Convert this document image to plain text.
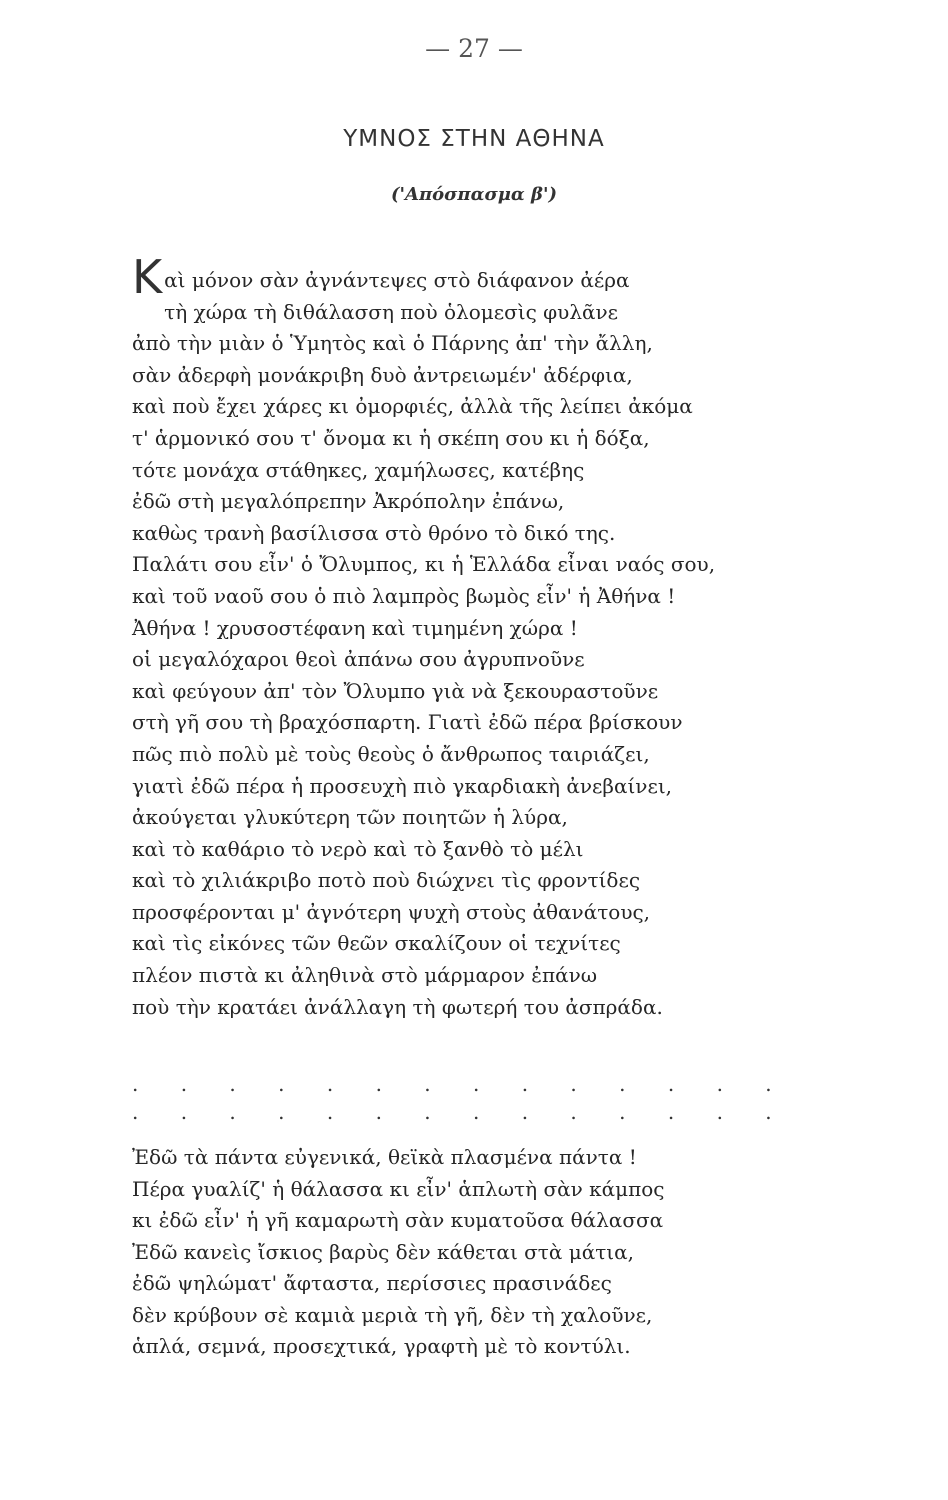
— 27 —
ΥΜΝΟΣ ΣΤΗΝ ΑΘΗΝΑ
('Απόσπασμα β')
Κ αὶ μόνον σὰν ἀγνάντεψες στὸ διάφανον ἀέρα
τὴ χώρα τὴ διθάλασση ποὺ ὁλομεσὶς φυλᾶνε
ἀπὸ τὴν μιὰν ὁ Ὑμητὸς καὶ ὁ Πάρνης ἀπ' τὴν ἄλλη,
σὰν ἀδερφὴ μονάκριβη δυὸ ἀντρειωμέν' ἀδέρφια,
καὶ ποὺ ἔχει χάρες κι ὀμορφιές, ἀλλὰ τῆς λείπει ἀκόμα
τ' ἁρμονικό σου τ' ὄνομα κι ἡ σκέπη σου κι ἡ δόξα,
τότε μονάχα στάθηκες, χαμήλωσες, κατέβης
ἐδῶ στὴ μεγαλόπρεπην Ἀκρόπολην ἐπάνω,
καθὼς τρανὴ βασίλισσα στὸ θρόνο τὸ δικό της.
Παλάτι σου εἶν' ὁ Ὄλυμπος, κι ἡ Ἑλλάδα εἶναι ναός σου,
καὶ τοῦ ναοῦ σου ὁ πιὸ λαμπρὸς βωμὸς εἶν' ἡ Ἀθήνα !
Ἀθήνα ! χρυσοστέφανη καὶ τιμημένη χώρα !
οἱ μεγαλόχαροι θεοὶ ἀπάνω σου ἀγρυπνοῦνε
καὶ φεύγουν ἀπ' τὸν Ὄλυμπο γιὰ νὰ ξεκουραστοῦνε
στὴ γῆ σου τὴ βραχόσπαρτη. Γιατὶ ἐδῶ πέρα βρίσκουν
πῶς πιὸ πολὺ μὲ τοὺς θεοὺς ὁ ἄνθρωπος ταιριάζει,
γιατὶ ἐδῶ πέρα ἡ προσευχὴ πιὸ γκαρδιακὴ ἀνεβαίνει,
ἀκούγεται γλυκύτερη τῶν ποιητῶν ἡ λύρα,
καὶ τὸ καθάριο τὸ νερὸ καὶ τὸ ξανθὸ τὸ μέλι
καὶ τὸ χιλιάκριβο ποτὸ ποὺ διώχνει τὶς φροντίδες
προσφέρονται μ' ἀγνότερη ψυχὴ στοὺς ἀθανάτους,
καὶ τὶς εἰκόνες τῶν θεῶν σκαλίζουν οἱ τεχνίτες
πλέον πιστὰ κι ἀληθινὰ στὸ μάρμαρον ἐπάνω
ποὺ τὴν κρατάει ἀνάλλαγη τὴ φωτερή του ἀσπράδα.
. . . . . . . . . . . . . .
. . . . . . . . . . . . . .
Ἐδῶ τὰ πάντα εὐγενικά, θεϊκὰ πλασμένα πάντα !
Πέρα γυαλίζ' ἡ θάλασσα κι εἶν' ἁπλωτὴ σὰν κάμπος
κι ἐδῶ εἶν' ἡ γῆ καμαρωτὴ σὰν κυματοῦσα θάλασσα
Ἐδῶ κανεὶς ἴσκιος βαρὺς δὲν κάθεται στὰ μάτια,
ἐδῶ ψηλώματ' ἄφταστα, περίσσιες πρασινάδες
δὲν κρύβουν σὲ καμιὰ μεριὰ τὴ γῆ, δὲν τὴ χαλοῦνε,
ἁπλά, σεμνά, προσεχτικά, γραφτὴ μὲ τὸ κοντύλι.
